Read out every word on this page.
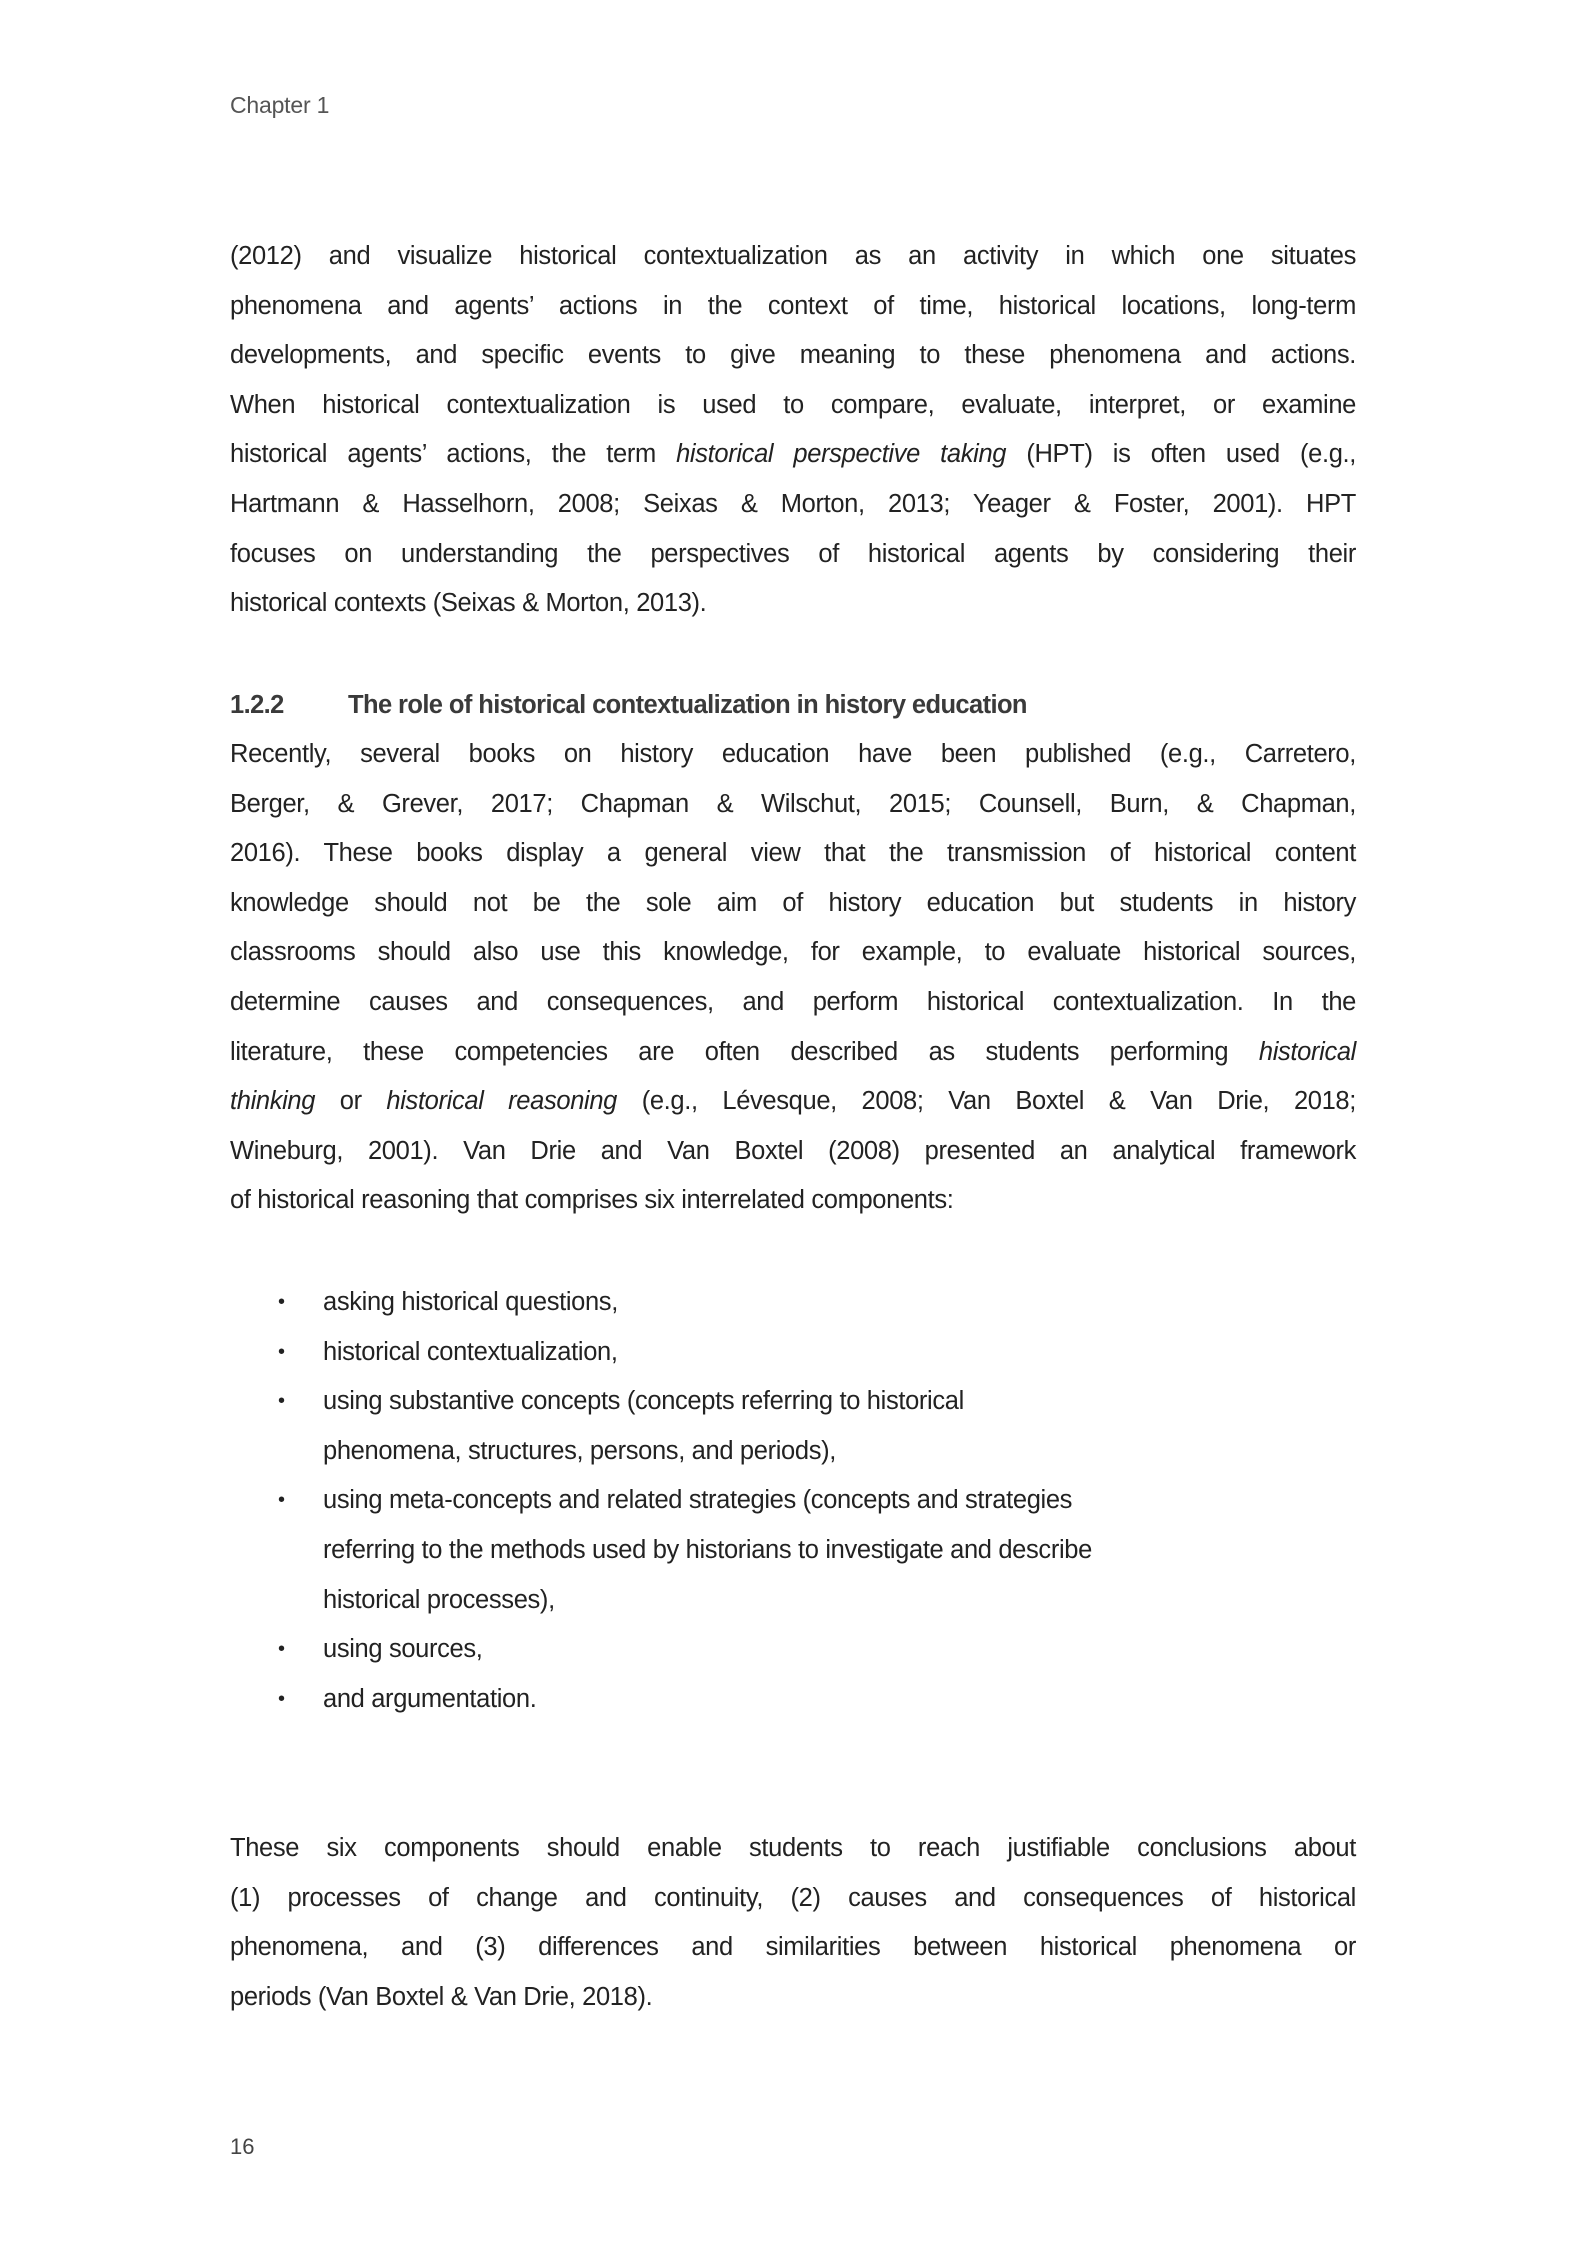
Chapter 1
(2012) and visualize historical contextualization as an activity in which one situates
phenomena and agents’ actions in the context of time, historical locations, long-term
developments, and specific events to give meaning to these phenomena and actions.
When historical contextualization is used to compare, evaluate, interpret, or examine
historical agents’ actions, the term historical perspective taking (HPT) is often used (e.g.,
Hartmann & Hasselhorn, 2008; Seixas & Morton, 2013; Yeager & Foster, 2001). HPT
focuses on understanding the perspectives of historical agents by considering their
historical contexts (Seixas & Morton, 2013).
1.2.2	The role of historical contextualization in history education
Recently, several books on history education have been published (e.g., Carretero,
Berger, & Grever, 2017; Chapman & Wilschut, 2015; Counsell, Burn, & Chapman,
2016). These books display a general view that the transmission of historical content
knowledge should not be the sole aim of history education but students in history
classrooms should also use this knowledge, for example, to evaluate historical sources,
determine causes and consequences, and perform historical contextualization. In the
literature, these competencies are often described as students performing historical
thinking or historical reasoning (e.g., Lévesque, 2008; Van Boxtel & Van Drie, 2018;
Wineburg, 2001). Van Drie and Van Boxtel (2008) presented an analytical framework
of historical reasoning that comprises six interrelated components:
• asking historical questions,
• historical contextualization,
• using substantive concepts (concepts referring to historical
phenomena, structures, persons, and periods),
• using meta-concepts and related strategies (concepts and strategies
referring to the methods used by historians to investigate and describe
historical processes),
• using sources,
• and argumentation.
These six components should enable students to reach justifiable conclusions about
(1) processes of change and continuity, (2) causes and consequences of historical
phenomena, and (3) differences and similarities between historical phenomena or
periods (Van Boxtel & Van Drie, 2018).
16
